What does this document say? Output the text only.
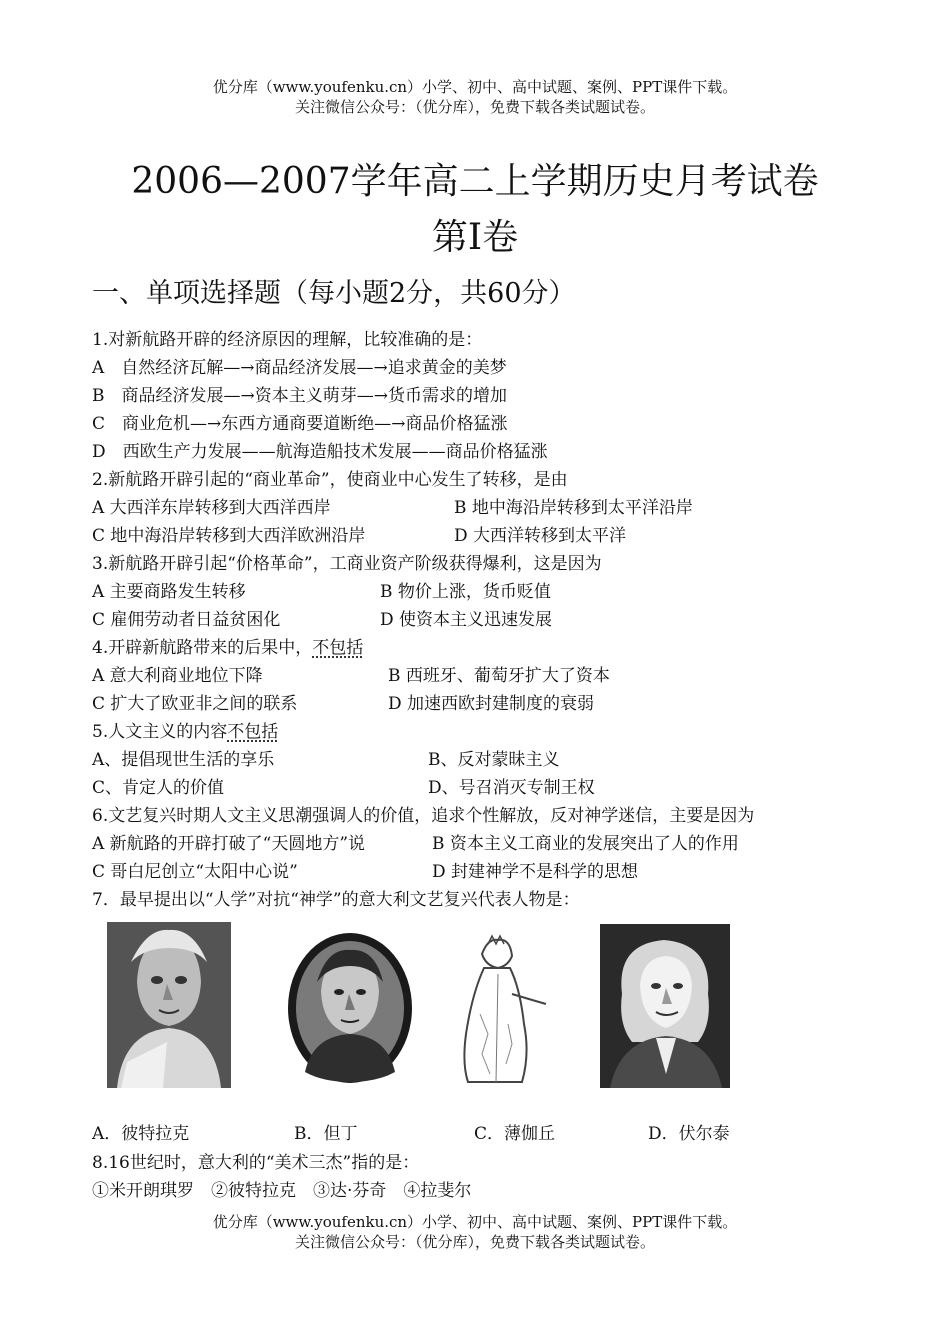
优分库（www.youfenku.cn）小学、初中、高中试题、案例、PPT课件下载。
关注微信公众号：（优分库），免费下载各类试题试卷。
2006—2007学年高二上学期历史月考试卷
第Ⅰ卷
一、单项选择题（每小题2分，共60分）
1.对新航路开辟的经济原因的理解，比较准确的是：
A　自然经济瓦解—→商品经济发展—→追求黄金的美梦
B　商品经济发展—→资本主义萌芽—→货币需求的增加
C　商业危机—→东西方通商要道断绝—→商品价格猛涨
D　西欧生产力发展——航海造船技术发展——商品价格猛涨
2.新航路开辟引起的“商业革命”，使商业中心发生了转移，是由
A 大西洋东岸转移到大西洋西岸	B 地中海沿岸转移到太平洋沿岸
C 地中海沿岸转移到大西洋欧洲沿岸	D 大西洋转移到太平洋
3.新航路开辟引起“价格革命”，工商业资产阶级获得爆利，这是因为
A 主要商路发生转移	B 物价上涨，货币贬值
C 雇佣劳动者日益贫困化	D 使资本主义迅速发展
4.开辟新航路带来的后果中，不包括
A 意大利商业地位下降	B 西班牙、葡萄牙扩大了资本
C 扩大了欧亚非之间的联系	D 加速西欧封建制度的衰弱
5.人文主义的内容不包括
A、提倡现世生活的享乐	B、反对蒙昧主义
C、肯定人的价值	D、号召消灭专制王权
6.文艺复兴时期人文主义思潮强调人的价值，追求个性解放，反对神学迷信，主要是因为
A 新航路的开辟打破了“天圆地方”说	B 资本主义工商业的发展突出了人的作用
C 哥白尼创立“太阳中心说”	D 封建神学不是科学的思想
7．最早提出以“人学”对抗“神学”的意大利文艺复兴代表人物是：
A．彼特拉克	B．但丁	C．薄伽丘	D．伏尔泰
8.16世纪时，意大利的“美术三杰”指的是：
①米开朗琪罗　②彼特拉克　③达·芬奇　④拉斐尔
优分库（www.youfenku.cn）小学、初中、高中试题、案例、PPT课件下载。
关注微信公众号：（优分库），免费下载各类试题试卷。
